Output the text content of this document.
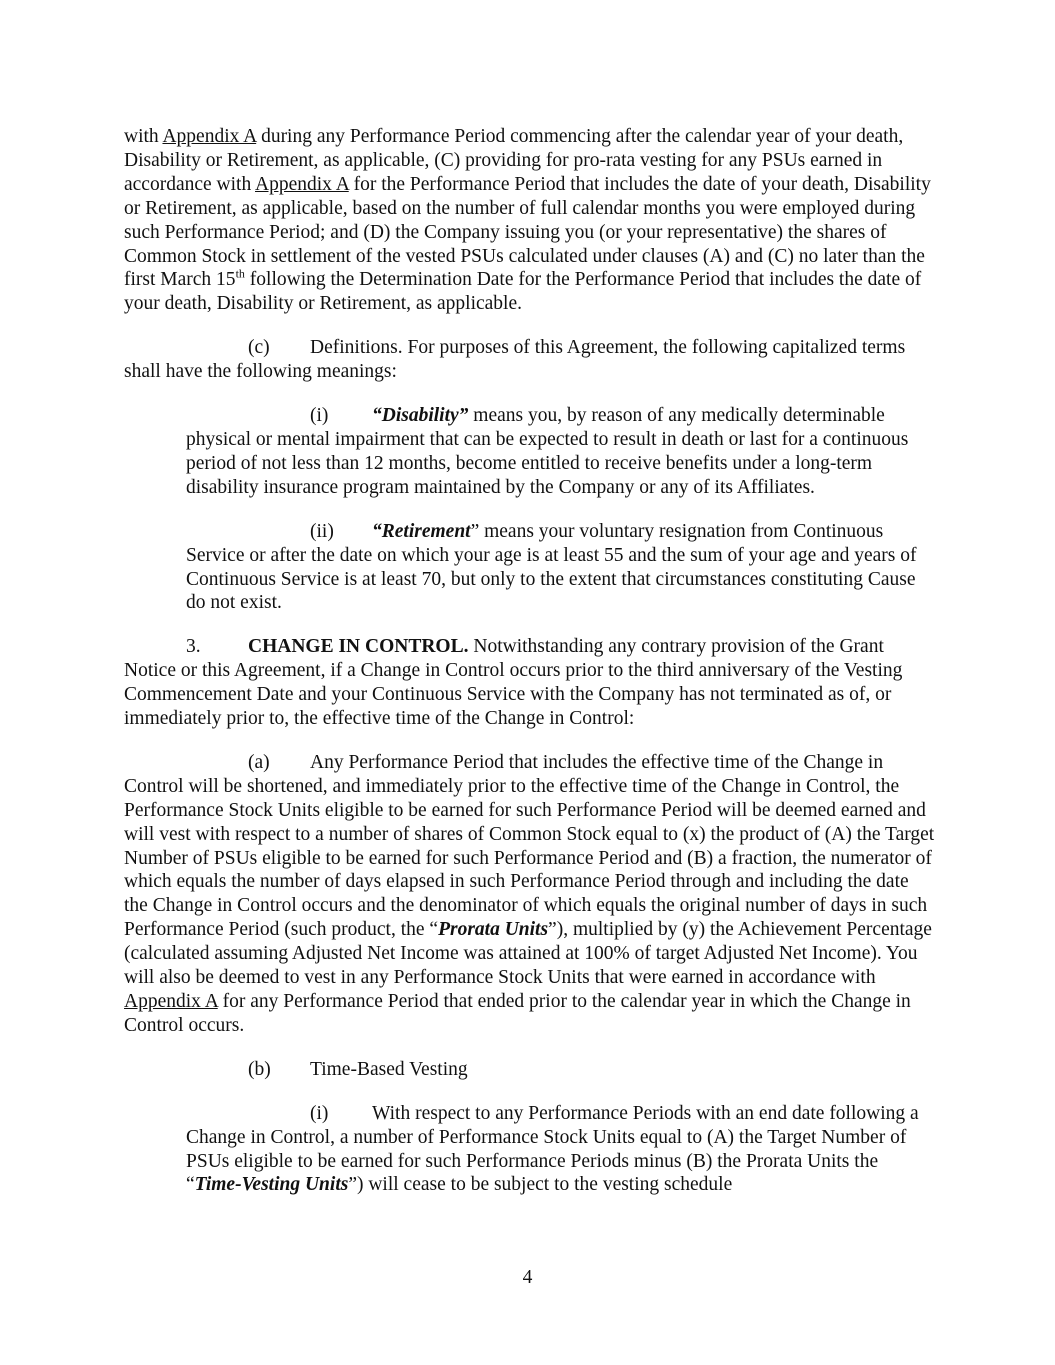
with Appendix A during any Performance Period commencing after the calendar year of your death, Disability or Retirement, as applicable, (C) providing for pro-rata vesting for any PSUs earned in accordance with Appendix A for the Performance Period that includes the date of your death, Disability or Retirement, as applicable, based on the number of full calendar months you were employed during such Performance Period; and (D) the Company issuing you (or your representative) the shares of Common Stock in settlement of the vested PSUs calculated under clauses (A) and (C) no later than the first March 15th following the Determination Date for the Performance Period that includes the date of your death, Disability or Retirement, as applicable.

(c) Definitions. For purposes of this Agreement, the following capitalized terms shall have the following meanings:

(i) “Disability” means you, by reason of any medically determinable physical or mental impairment that can be expected to result in death or last for a continuous period of not less than 12 months, become entitled to receive benefits under a long-term disability insurance program maintained by the Company or any of its Affiliates.

(ii) “Retirement” means your voluntary resignation from Continuous Service or after the date on which your age is at least 55 and the sum of your age and years of Continuous Service is at least 70, but only to the extent that circumstances constituting Cause do not exist.

3. CHANGE IN CONTROL. Notwithstanding any contrary provision of the Grant Notice or this Agreement, if a Change in Control occurs prior to the third anniversary of the Vesting Commencement Date and your Continuous Service with the Company has not terminated as of, or immediately prior to, the effective time of the Change in Control:

(a) Any Performance Period that includes the effective time of the Change in Control will be shortened, and immediately prior to the effective time of the Change in Control, the Performance Stock Units eligible to be earned for such Performance Period will be deemed earned and will vest with respect to a number of shares of Common Stock equal to (x) the product of (A) the Target Number of PSUs eligible to be earned for such Performance Period and (B) a fraction, the numerator of which equals the number of days elapsed in such Performance Period through and including the date the Change in Control occurs and the denominator of which equals the original number of days in such Performance Period (such product, the “Prorata Units”), multiplied by (y) the Achievement Percentage (calculated assuming Adjusted Net Income was attained at 100% of target Adjusted Net Income). You will also be deemed to vest in any Performance Stock Units that were earned in accordance with Appendix A for any Performance Period that ended prior to the calendar year in which the Change in Control occurs.

(b) Time-Based Vesting

(i) With respect to any Performance Periods with an end date following a Change in Control, a number of Performance Stock Units equal to (A) the Target Number of PSUs eligible to be earned for such Performance Periods minus (B) the Prorata Units the “Time-Vesting Units”) will cease to be subject to the vesting schedule

4
